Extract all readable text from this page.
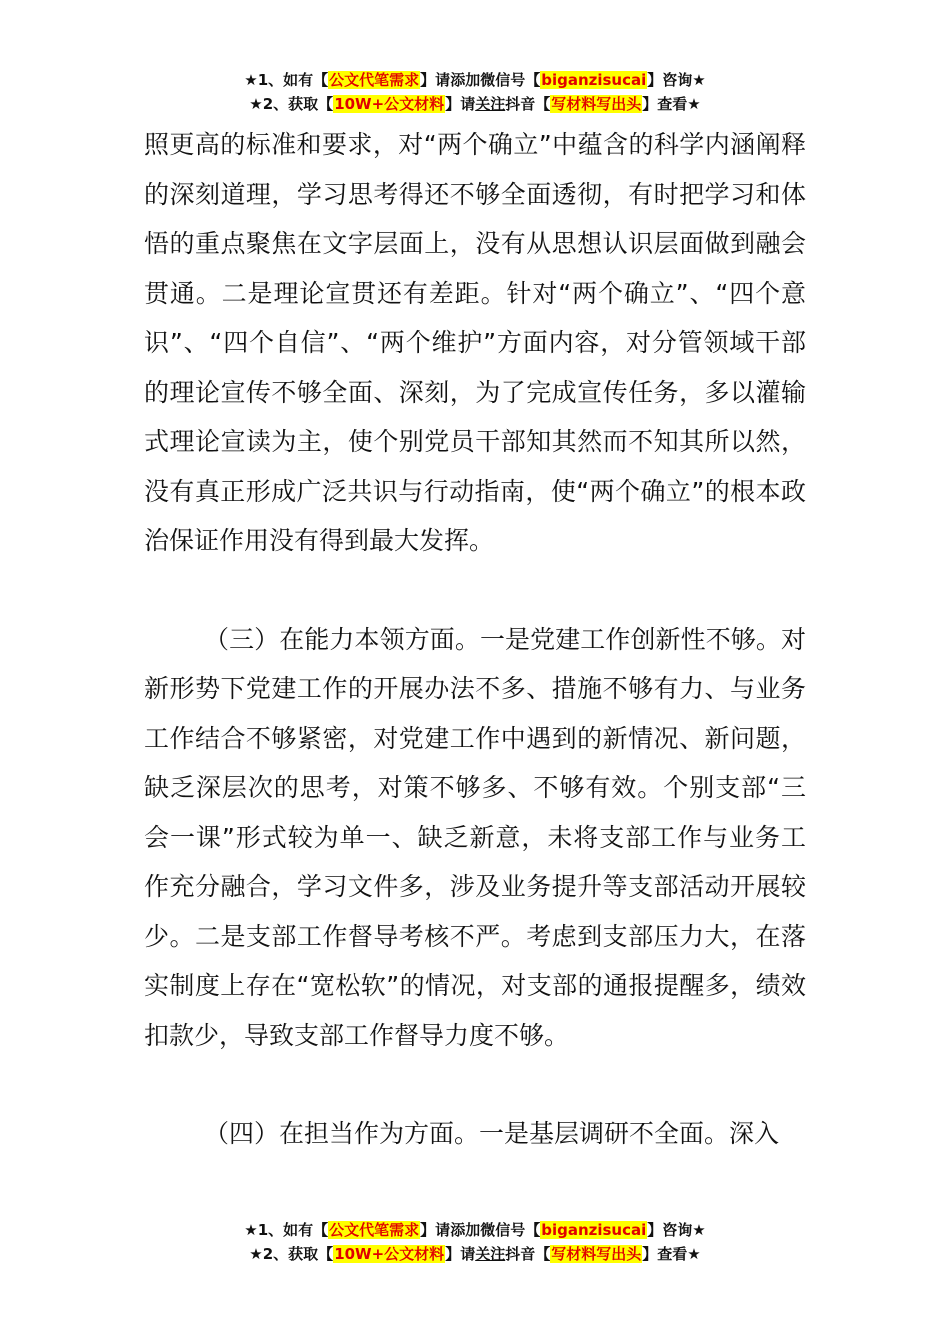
★1、如有【公文代笔需求】请添加微信号【biganzisucai】咨询★
★2、获取【10W+公文材料】请关注抖音【写材料写出头】查看★

照更高的标准和要求，对“两个确立”中蕴含的科学内涵阐释的深刻道理，学习思考得还不够全面透彻，有时把学习和体悟的重点聚焦在文字层面上，没有从思想认识层面做到融会贯通。二是理论宣贯还有差距。针对“两个确立”、“四个意识”、“四个自信”、“两个维护”方面内容，对分管领域干部的理论宣传不够全面、深刻，为了完成宣传任务，多以灌输式理论宣读为主，使个别党员干部知其然而不知其所以然，没有真正形成广泛共识与行动指南，使“两个确立”的根本政治保证作用没有得到最大发挥。

（三）在能力本领方面。一是党建工作创新性不够。对新形势下党建工作的开展办法不多、措施不够有力、与业务工作结合不够紧密，对党建工作中遇到的新情况、新问题，缺乏深层次的思考，对策不够多、不够有效。个别支部“三会一课”形式较为单一、缺乏新意，未将支部工作与业务工作充分融合，学习文件多，涉及业务提升等支部活动开展较少。二是支部工作督导考核不严。考虑到支部压力大，在落实制度上存在“宽松软”的情况，对支部的通报提醒多，绩效扣款少，导致支部工作督导力度不够。

（四）在担当作为方面。一是基层调研不全面。深入

★1、如有【公文代笔需求】请添加微信号【biganzisucai】咨询★
★2、获取【10W+公文材料】请关注抖音【写材料写出头】查看★
